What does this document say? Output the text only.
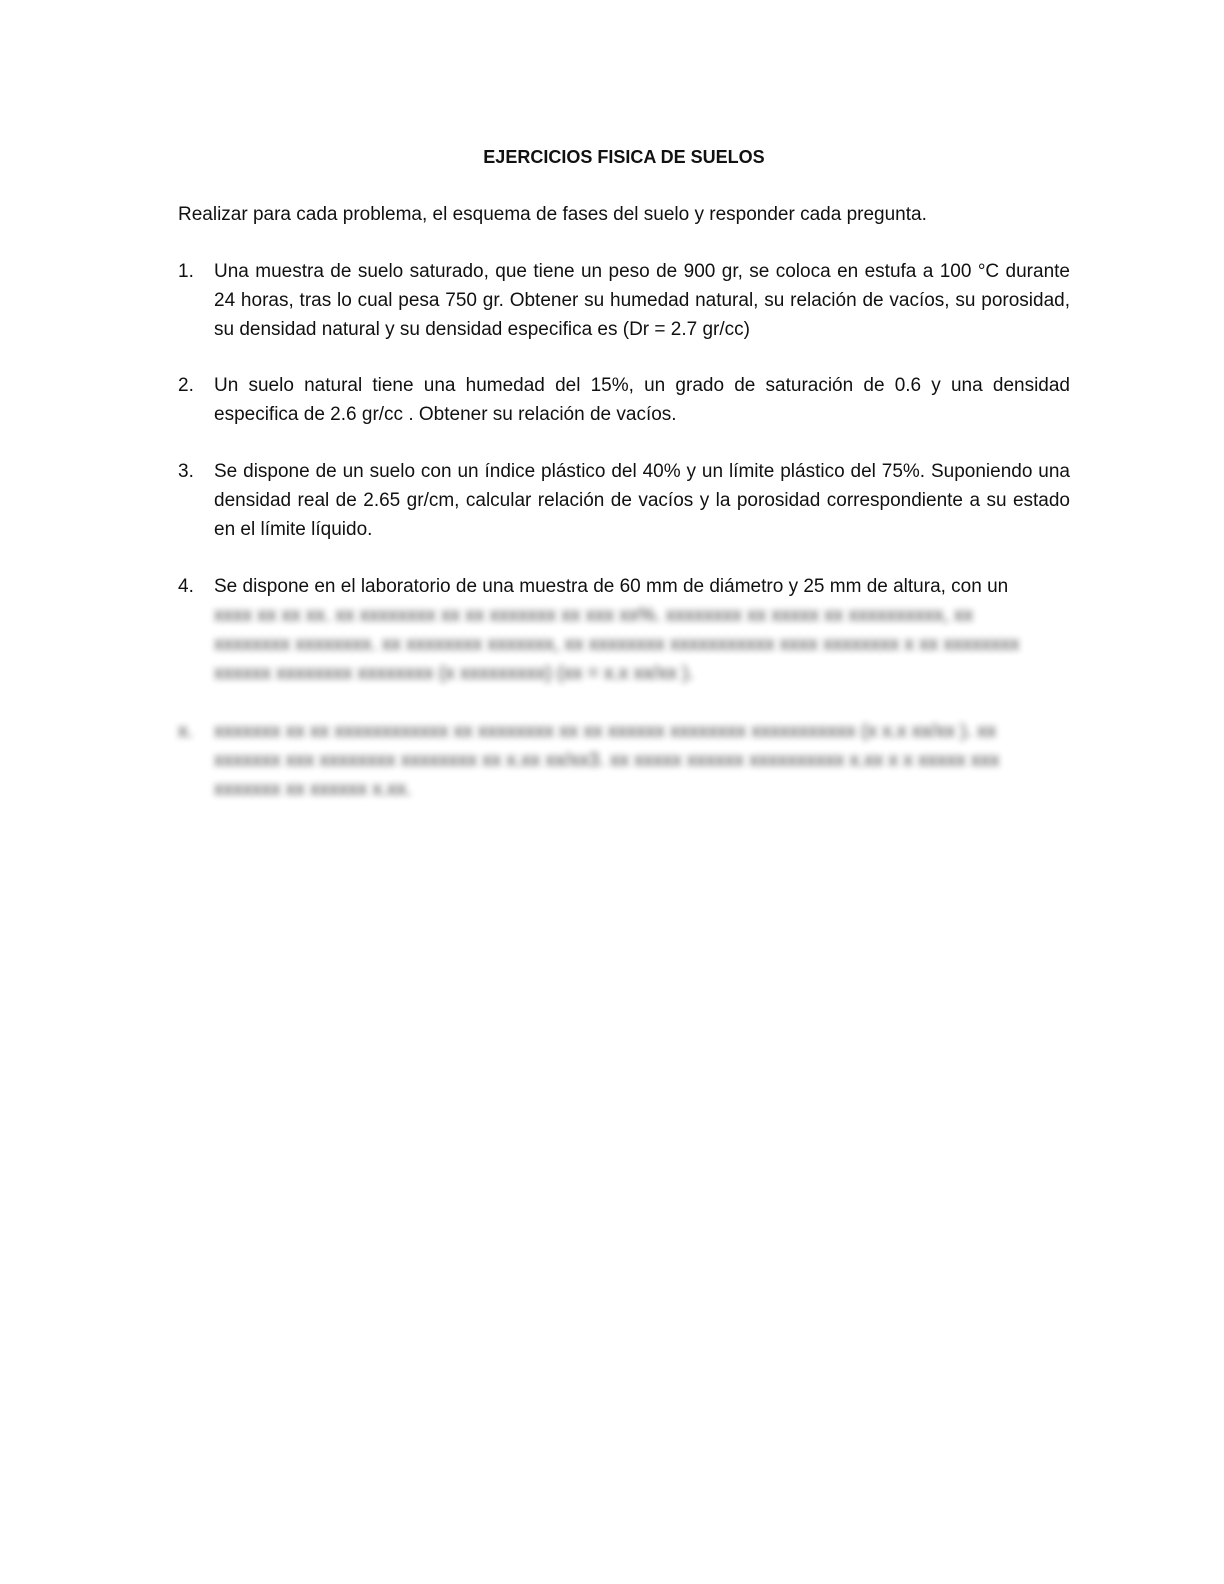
EJERCICIOS FISICA DE SUELOS
Realizar para cada problema, el esquema de fases del suelo y responder cada pregunta.
1.	Una muestra de suelo saturado, que tiene un peso de 900 gr, se coloca en estufa a 100 °C durante 24 horas, tras lo cual pesa 750 gr. Obtener su humedad natural, su relación de vacíos, su porosidad, su densidad natural y su densidad especifica es (Dr = 2.7 gr/cc)
2.	Un suelo natural tiene una humedad del 15%, un grado de saturación de 0.6 y una densidad especifica de 2.6 gr/cc . Obtener su relación de vacíos.
3.	Se dispone de un suelo con un índice plástico del 40% y un límite plástico del 75%. Suponiendo una densidad real de 2.65 gr/cm, calcular relación de vacíos y la porosidad correspondiente a su estado en el límite líquido.
4.	Se dispone en el laboratorio de una muestra de 60 mm de diámetro y 25 mm de altura, con un
xxxx xx xx xx. xx xxxxxxxx xx xx xxxxxxx xx xxx xx%. xxxxxxxx xx xxxxx xx xxxxxxxxxx, xx
xxxxxxxx xxxxxxxx. xx xxxxxxxx xxxxxxx, xx xxxxxxxx xxxxxxxxxxx xxxx xxxxxxxx x xx xxxxxxxx
xxxxxx xxxxxxxx xxxxxxxx (x xxxxxxxxx) (xx = x.x xx/xx ).
x.	xxxxxxx xx xx xxxxxxxxxxxx xx xxxxxxxx xx xx xxxxxx xxxxxxxx xxxxxxxxxxx (x x.x xx/xx ). xx
xxxxxxx xxx xxxxxxxx xxxxxxxx xx x.xx xx/xx3. xx xxxxx xxxxxx xxxxxxxxxx x.xx x x xxxxx xxx
xxxxxxx xx xxxxxx x.xx.
